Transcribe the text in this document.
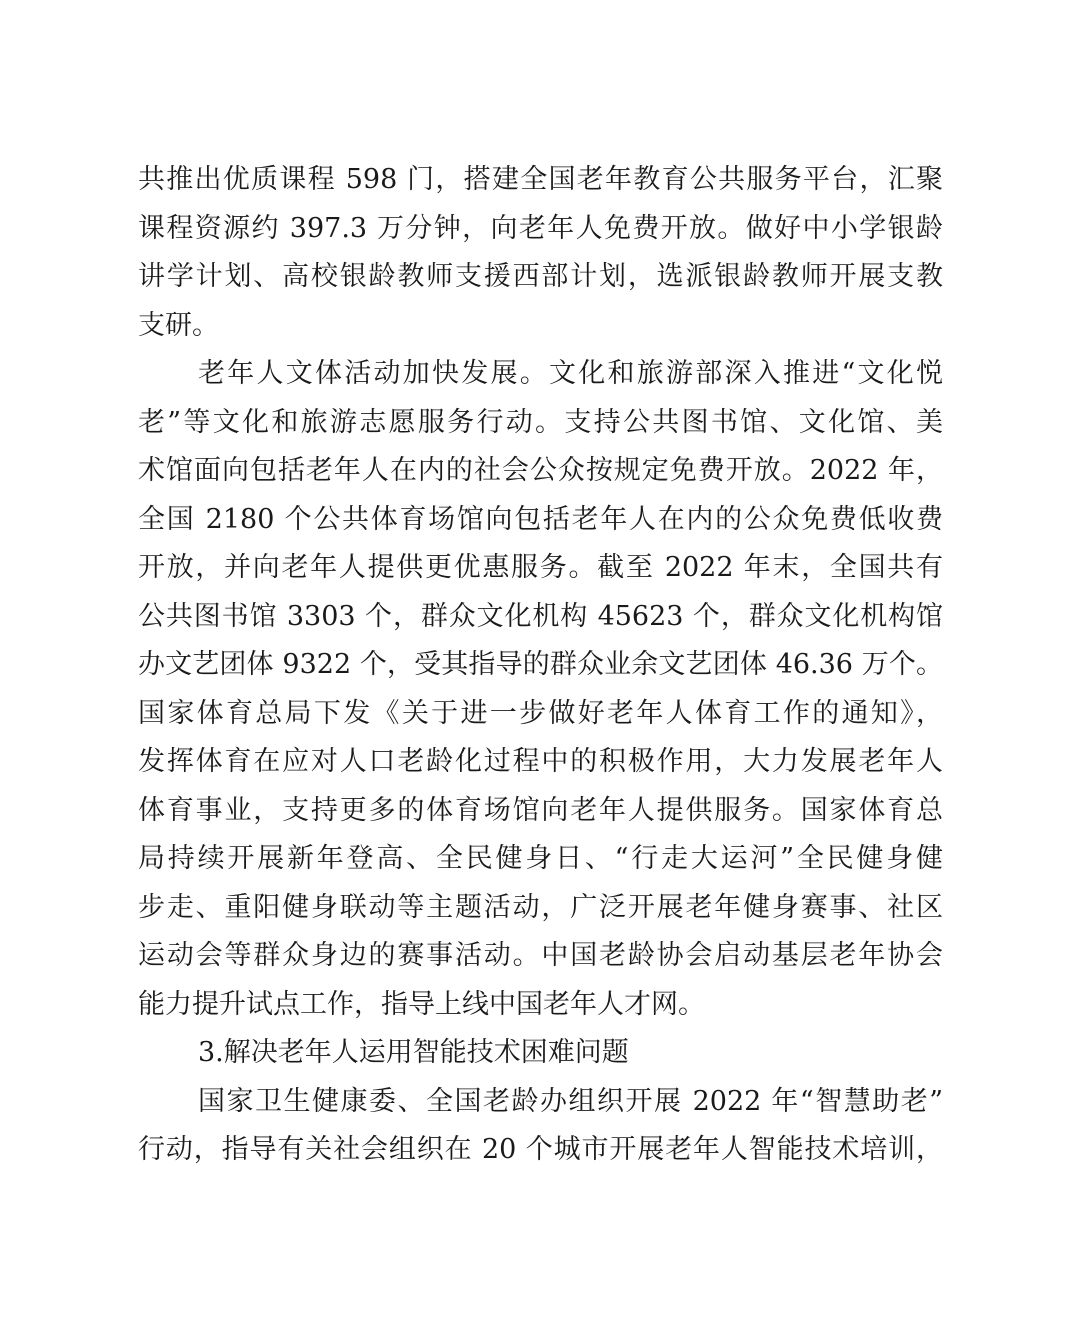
共推出优质课程 598 门，搭建全国老年教育公共服务平台，汇聚
课程资源约 397.3 万分钟，向老年人免费开放。做好中小学银龄
讲学计划、高校银龄教师支援西部计划，选派银龄教师开展支教
支研。
老年人文体活动加快发展。文化和旅游部深入推进“文化悦
老”等文化和旅游志愿服务行动。支持公共图书馆、文化馆、美
术馆面向包括老年人在内的社会公众按规定免费开放。2022 年，
全国 2180 个公共体育场馆向包括老年人在内的公众免费低收费
开放，并向老年人提供更优惠服务。截至 2022 年末，全国共有
公共图书馆 3303 个，群众文化机构 45623 个，群众文化机构馆
办文艺团体 9322 个，受其指导的群众业余文艺团体 46.36 万个。
国家体育总局下发《关于进一步做好老年人体育工作的通知》，
发挥体育在应对人口老龄化过程中的积极作用，大力发展老年人
体育事业，支持更多的体育场馆向老年人提供服务。国家体育总
局持续开展新年登高、全民健身日、“行走大运河”全民健身健
步走、重阳健身联动等主题活动，广泛开展老年健身赛事、社区
运动会等群众身边的赛事活动。中国老龄协会启动基层老年协会
能力提升试点工作，指导上线中国老年人才网。
3.解决老年人运用智能技术困难问题
国家卫生健康委、全国老龄办组织开展 2022 年“智慧助老”
行动，指导有关社会组织在 20 个城市开展老年人智能技术培训，
